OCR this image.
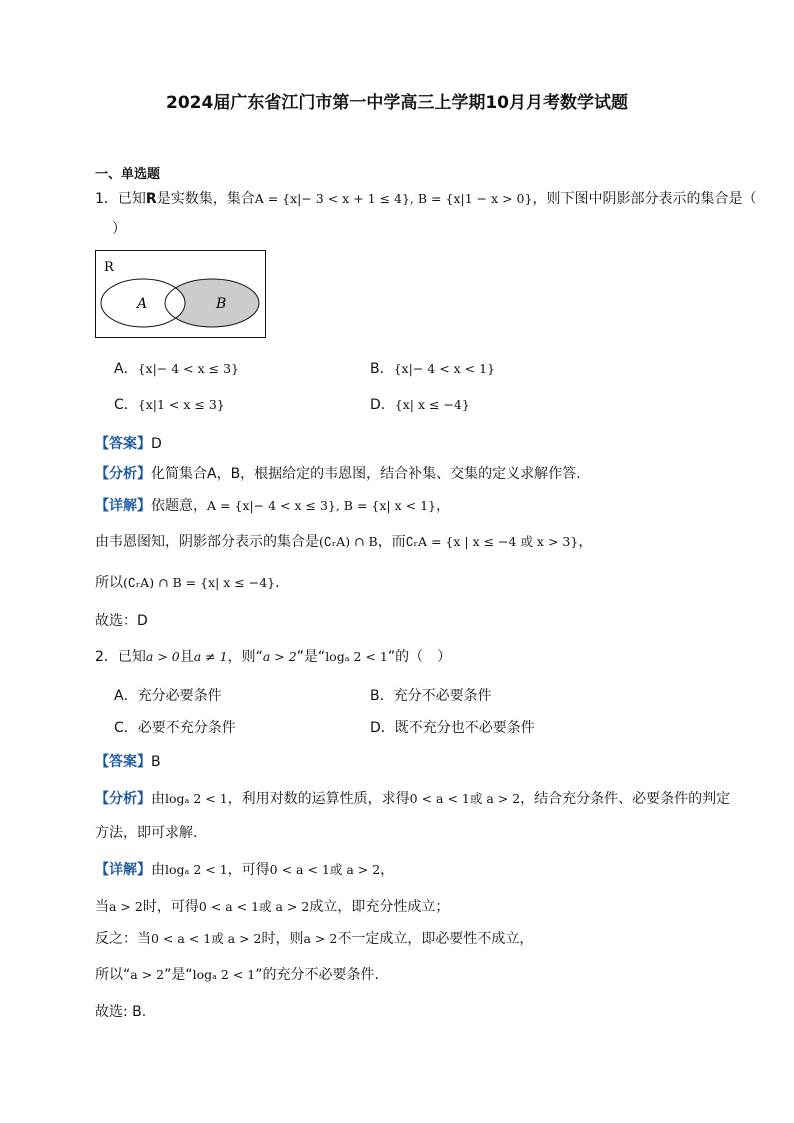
2024届广东省江门市第一中学高三上学期10月月考数学试题
一、单选题
1．已知R是实数集，集合A = {x|− 3 < x + 1 ≤ 4}, B = {x|1 − x > 0}，则下图中阴影部分表示的集合是（
）
R
A	B
A．{x|− 4 < x ≤ 3}	B．{x|− 4 < x < 1}
C．{x|1 < x ≤ 3}	D．{x| x ≤ −4}
【答案】D
【分析】化简集合A，B，根据给定的韦恩图，结合补集、交集的定义求解作答.
【详解】依题意，A = {x|− 4 < x ≤ 3}, B = {x| x < 1}，
由韦恩图知，阴影部分表示的集合是(∁ᵣA) ∩ B，而∁ᵣA = {x | x ≤ −4 或 x > 3}，
所以(∁ᵣA) ∩ B = {x| x ≤ −4}.
故选：D
2．已知a > 0且a ≠ 1，则“a > 2”是“logₐ 2 < 1”的（　）
A．充分必要条件	B．充分不必要条件
C．必要不充分条件	D．既不充分也不必要条件
【答案】B
【分析】由logₐ 2 < 1，利用对数的运算性质，求得0 < a < 1或 a > 2，结合充分条件、必要条件的判定
方法，即可求解.
【详解】由logₐ 2 < 1，可得0 < a < 1或 a > 2，
当a > 2时，可得0 < a < 1或 a > 2成立，即充分性成立；
反之：当0 < a < 1或 a > 2时，则a > 2不一定成立，即必要性不成立，
所以“a > 2”是“logₐ 2 < 1”的充分不必要条件.
故选: B.
